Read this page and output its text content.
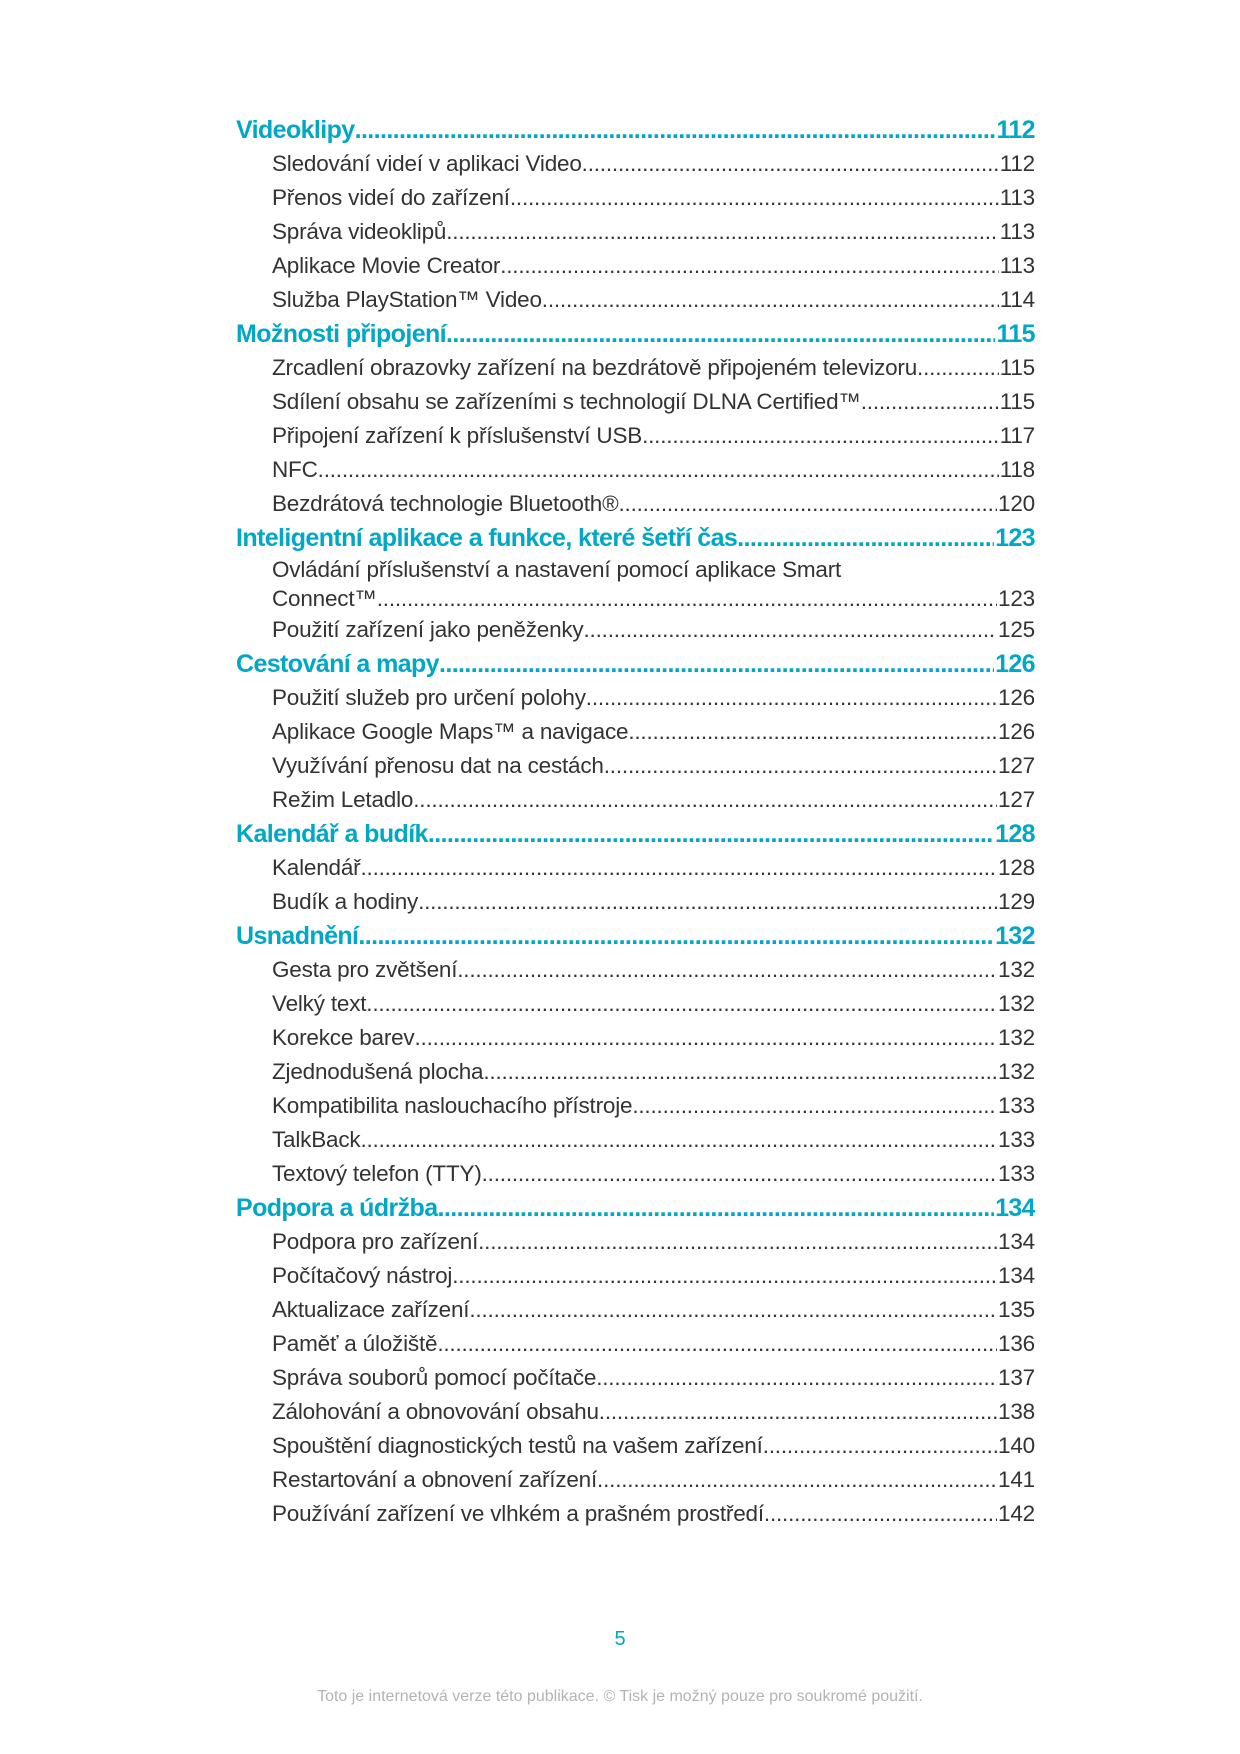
Videoklipy .....	112
Sledování videí v aplikaci Video .....	112
Přenos videí do zařízení .....	113
Správa videoklipů .....	113
Aplikace Movie Creator .....	113
Služba PlayStation™ Video .....	114
Možnosti připojení .....	115
Zrcadlení obrazovky zařízení na bezdrátově připojeném televizoru .....	115
Sdílení obsahu se zařízeními s technologií DLNA Certified™ .....	115
Připojení zařízení k příslušenství USB .....	117
NFC .....	118
Bezdrátová technologie Bluetooth® .....	120
Inteligentní aplikace a funkce, které šetří čas .....	123
Ovládání příslušenství a nastavení pomocí aplikace Smart
Connect™ .....	123
Použití zařízení jako peněženky .....	125
Cestování a mapy .....	126
Použití služeb pro určení polohy .....	126
Aplikace Google Maps™ a navigace .....	126
Využívání přenosu dat na cestách .....	127
Režim Letadlo .....	127
Kalendář a budík .....	128
Kalendář .....	128
Budík a hodiny .....	129
Usnadnění .....	132
Gesta pro zvětšení .....	132
Velký text .....	132
Korekce barev .....	132
Zjednodušená plocha .....	132
Kompatibilita naslouchacího přístroje .....	133
TalkBack .....	133
Textový telefon (TTY) .....	133
Podpora a údržba .....	134
Podpora pro zařízení .....	134
Počítačový nástroj .....	134
Aktualizace zařízení .....	135
Paměť a úložiště .....	136
Správa souborů pomocí počítače .....	137
Zálohování a obnovování obsahu .....	138
Spouštění diagnostických testů na vašem zařízení .....	140
Restartování a obnovení zařízení .....	141
Používání zařízení ve vlhkém a prašném prostředí .....	142
5
Toto je internetová verze této publikace. © Tisk je možný pouze pro soukromé použití.
